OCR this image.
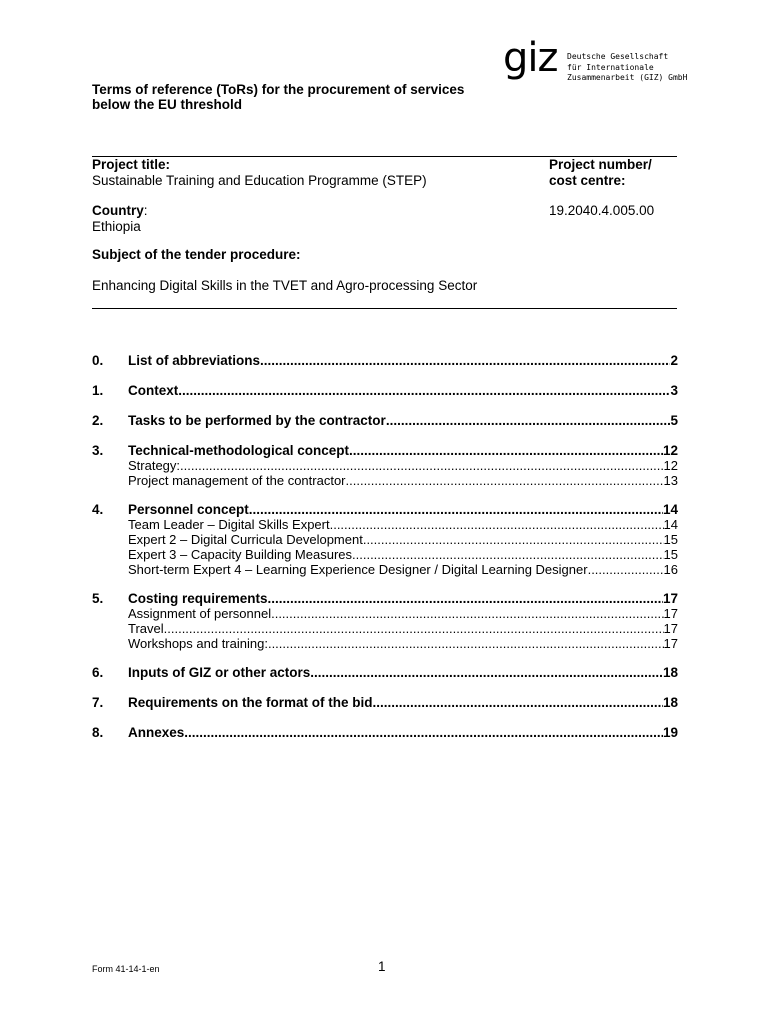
giz Deutsche Gesellschaft
für Internationale
Zusammenarbeit (GIZ) GmbH
Terms of reference (ToRs) for the procurement of services
below the EU threshold
Project title:
Sustainable Training and Education Programme (STEP)
Project number/
cost centre:
Country:
Ethiopia
19.2040.4.005.00
Subject of the tender procedure:
Enhancing Digital Skills in the TVET and Agro-processing Sector
0.	List of abbreviations .....	2
1.	Context .....	3
2.	Tasks to be performed by the contractor .....	5
3.	Technical-methodological concept .....	12
Strategy: .....	12
Project management of the contractor .....	13
4.	Personnel concept .....	14
Team Leader – Digital Skills Expert .....	14
Expert 2 – Digital Curricula Development .....	15
Expert 3 – Capacity Building Measures .....	15
Short-term Expert 4 – Learning Experience Designer / Digital Learning Designer .....	16
5.	Costing requirements .....	17
Assignment of personnel .....	17
Travel .....	17
Workshops and training: .....	17
6.	Inputs of GIZ or other actors .....	18
7.	Requirements on the format of the bid .....	18
8.	Annexes .....	19
Form 41-14-1-en	1
